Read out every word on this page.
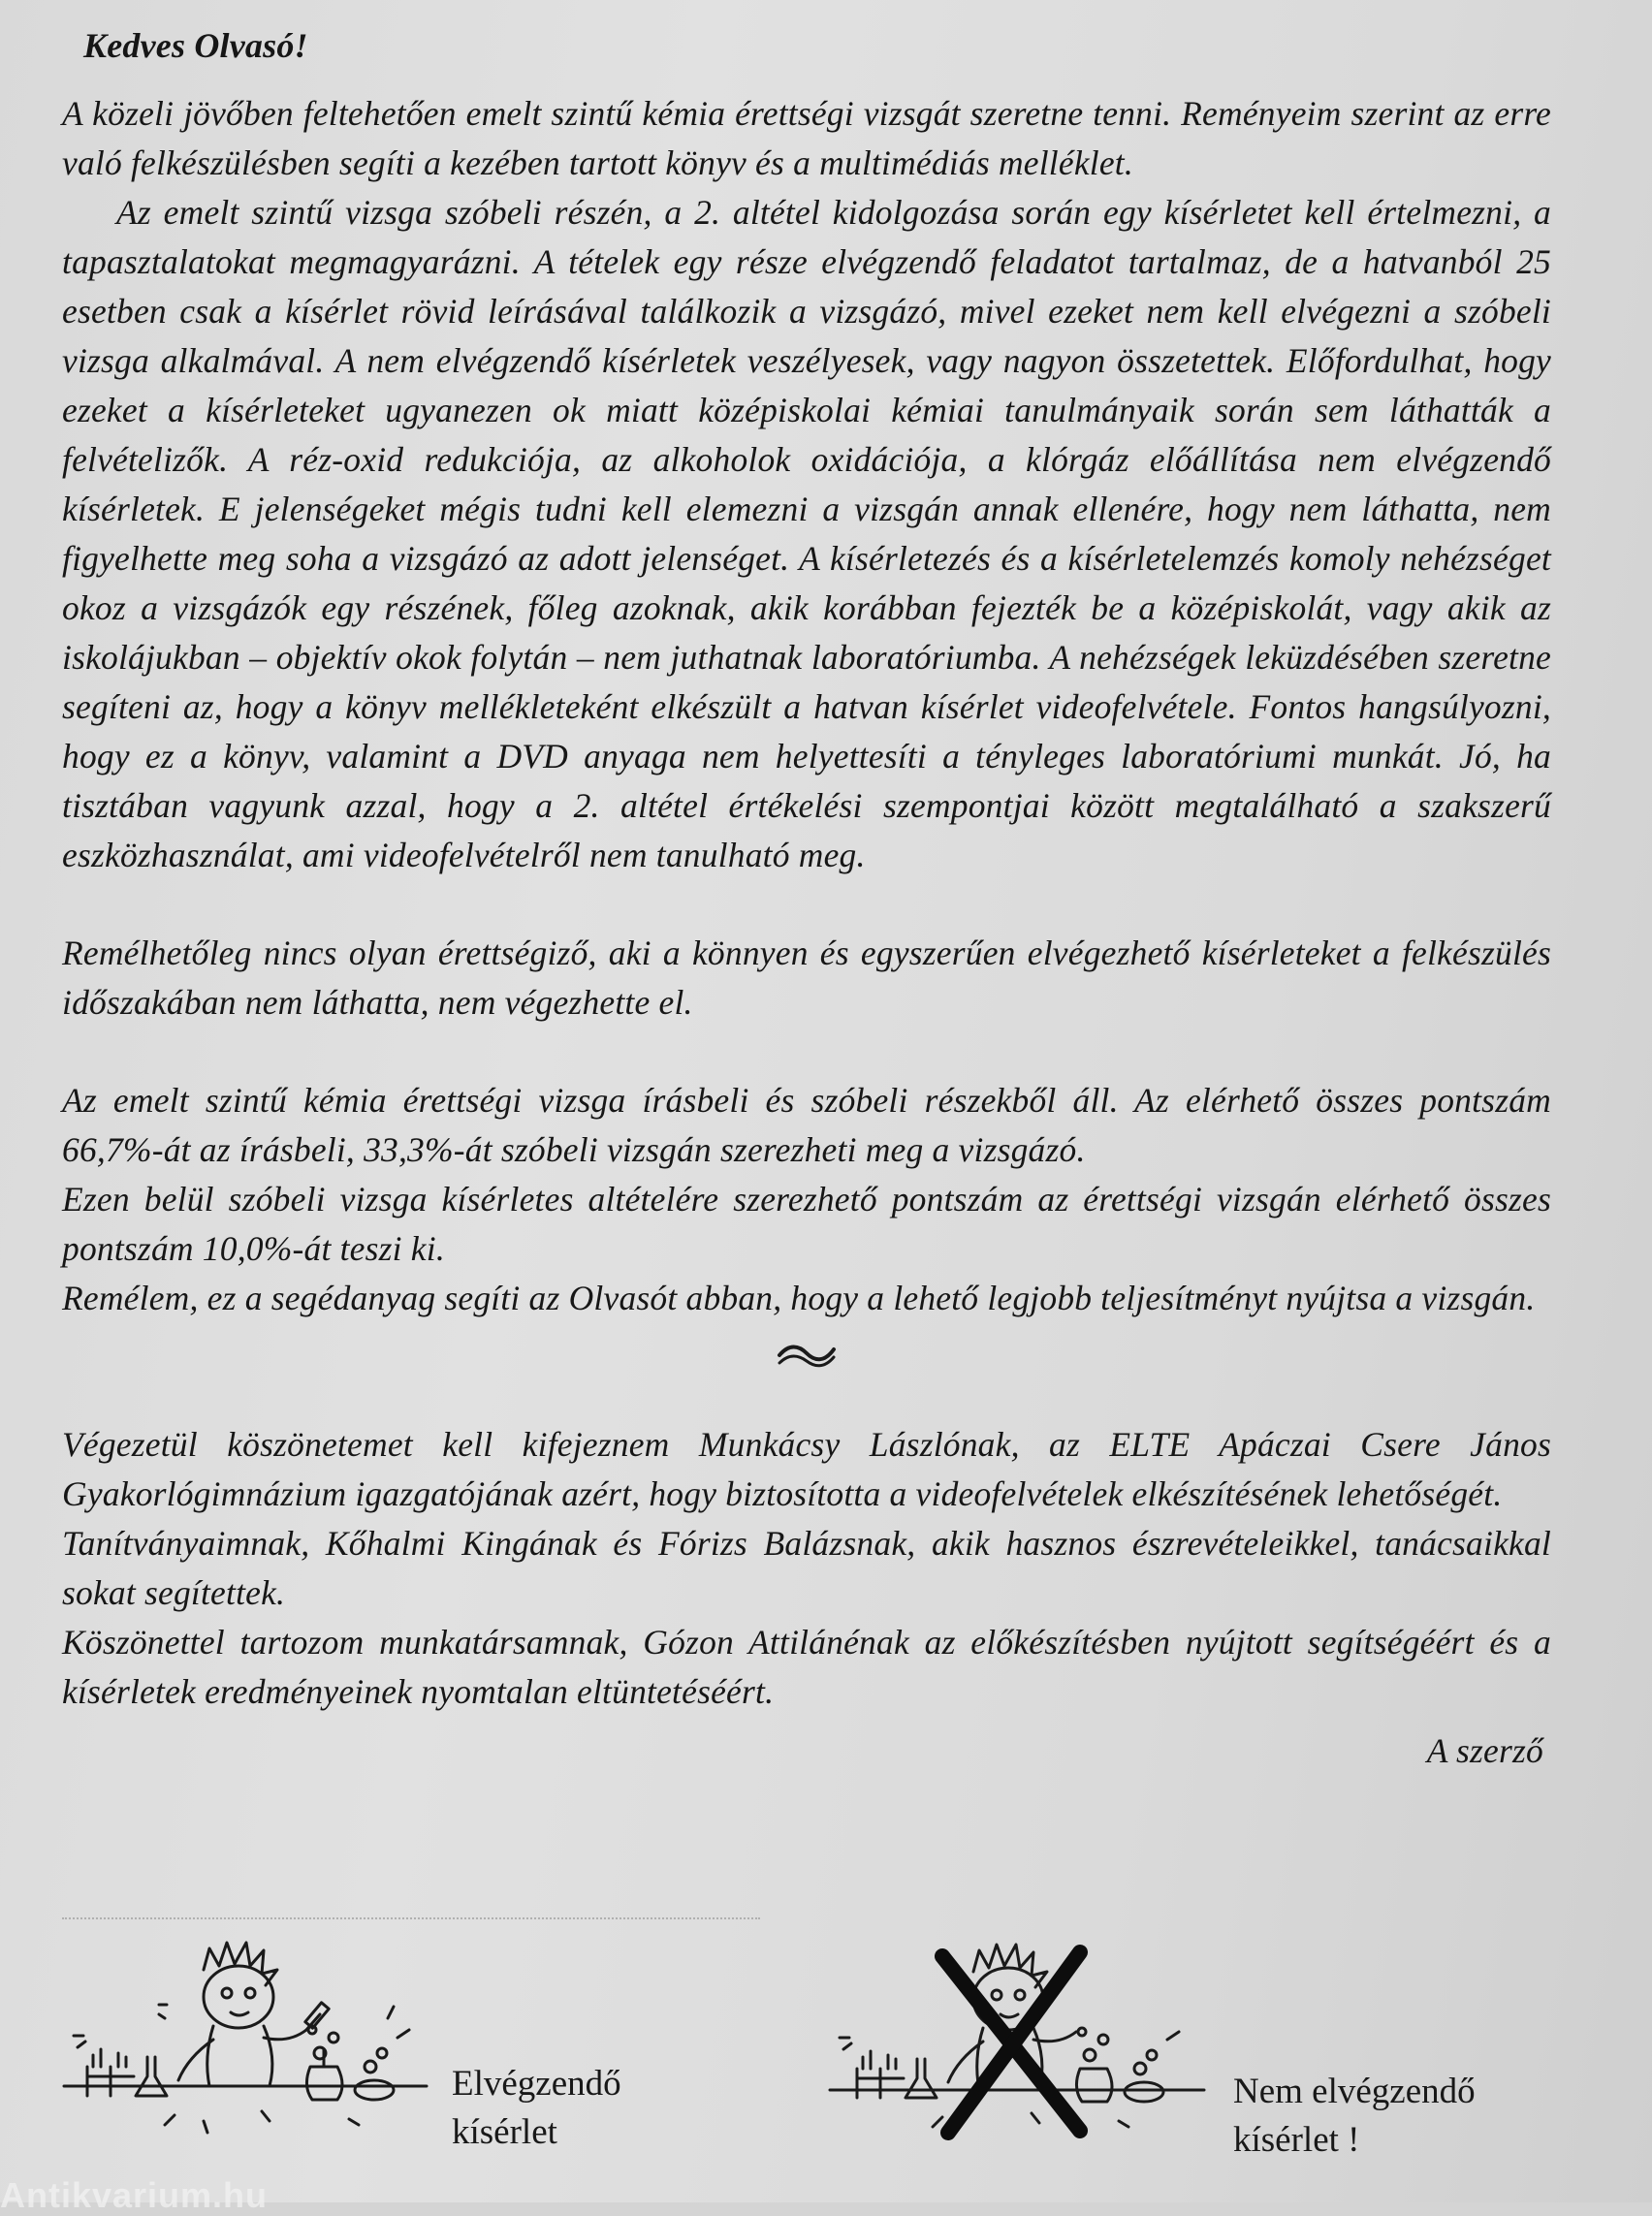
Kedves Olvasó!

A közeli jövőben feltehetően emelt szintű kémia érettségi vizsgát szeretne tenni. Reményeim szerint az erre való felkészülésben segíti a kezében tartott könyv és a multimédiás melléklet.

Az emelt szintű vizsga szóbeli részén, a 2. altétel kidolgozása során egy kísérletet kell értelmezni, a tapasztalatokat megmagyarázni. A tételek egy része elvégzendő feladatot tartalmaz, de a hatvanból 25 esetben csak a kísérlet rövid leírásával találkozik a vizsgázó, mivel ezeket nem kell elvégezni a szóbeli vizsga alkalmával. A nem elvégzendő kísérletek veszélyesek, vagy nagyon összetettek. Előfordulhat, hogy ezeket a kísérleteket ugyanezen ok miatt középiskolai kémiai tanulmányaik során sem láthatták a felvételizők. A réz-oxid redukciója, az alkoholok oxidációja, a klórgáz előállítása nem elvégzendő kísérletek. E jelenségeket mégis tudni kell elemezni a vizsgán annak ellenére, hogy nem láthatta, nem figyelhette meg soha a vizsgázó az adott jelenséget. A kísérletezés és a kísérletelemzés komoly nehézséget okoz a vizsgázók egy részének, főleg azoknak, akik korábban fejezték be a középiskolát, vagy akik az iskolájukban – objektív okok folytán – nem juthatnak laboratóriumba. A nehézségek leküzdésében szeretne segíteni az, hogy a könyv mellékleteként elkészült a hatvan kísérlet videofelvétele. Fontos hangsúlyozni, hogy ez a könyv, valamint a DVD anyaga nem helyettesíti a tényleges laboratóriumi munkát. Jó, ha tisztában vagyunk azzal, hogy a 2. altétel értékelési szempontjai között megtalálható a szakszerű eszközhasználat, ami videofelvételről nem tanulható meg.

Remélhetőleg nincs olyan érettségiző, aki a könnyen és egyszerűen elvégezhető kísérleteket a felkészülés időszakában nem láthatta, nem végezhette el.

Az emelt szintű kémia érettségi vizsga írásbeli és szóbeli részekből áll. Az elérhető összes pontszám 66,7%-át az írásbeli, 33,3%-át szóbeli vizsgán szerezheti meg a vizsgázó.

Ezen belül szóbeli vizsga kísérletes altételére szerezhető pontszám az érettségi vizsgán elérhető összes pontszám 10,0%-át teszi ki.

Remélem, ez a segédanyag segíti az Olvasót abban, hogy a lehető legjobb teljesítményt nyújtsa a vizsgán.

Végezetül köszönetemet kell kifejeznem Munkácsy Lászlónak, az ELTE Apáczai Csere János Gyakorlógimnázium igazgatójának azért, hogy biztosította a videofelvételek elkészítésének lehetőségét.

Tanítványaimnak, Kőhalmi Kingának és Fórizs Balázsnak, akik hasznos észrevételeikkel, tanácsaikkal sokat segítettek.

Köszönettel tartozom munkatársamnak, Gózon Attilánénak az előkészítésben nyújtott segítségéért és a kísérletek eredményeinek nyomtalan eltüntetéséért.

A szerző
Elvégzendő
kísérlet
Nem elvégzendő
kísérlet !
Antikvarium.hu
